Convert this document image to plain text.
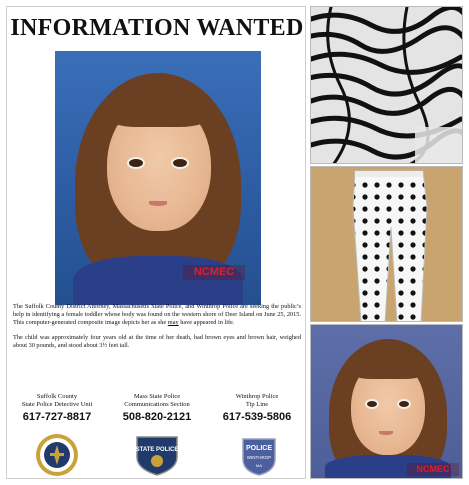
INFORMATION WANTED
NCMEC

The Suffolk County District Attorney, Massachusetts State Police, and Winthrop Police are seeking the public’s help in identifying a female toddler whose body was found on the western shore of Deer Island on June 25, 2015. This computer-generated composite image depicts her as she may have appeared in life.

The child was approximately four years old at the time of her death, had brown eyes and brown hair, weighed about 30 pounds, and stood about 3½ feet tall.

Suffolk County
State Police Detective Unit
617-727-8817
Mass State Police
Communications Section
508-820-2121
Winthrop Police
Tip Line
617-539-5806
STATE POLICE	POLICE
WINTHROP
MA	NCMEC
